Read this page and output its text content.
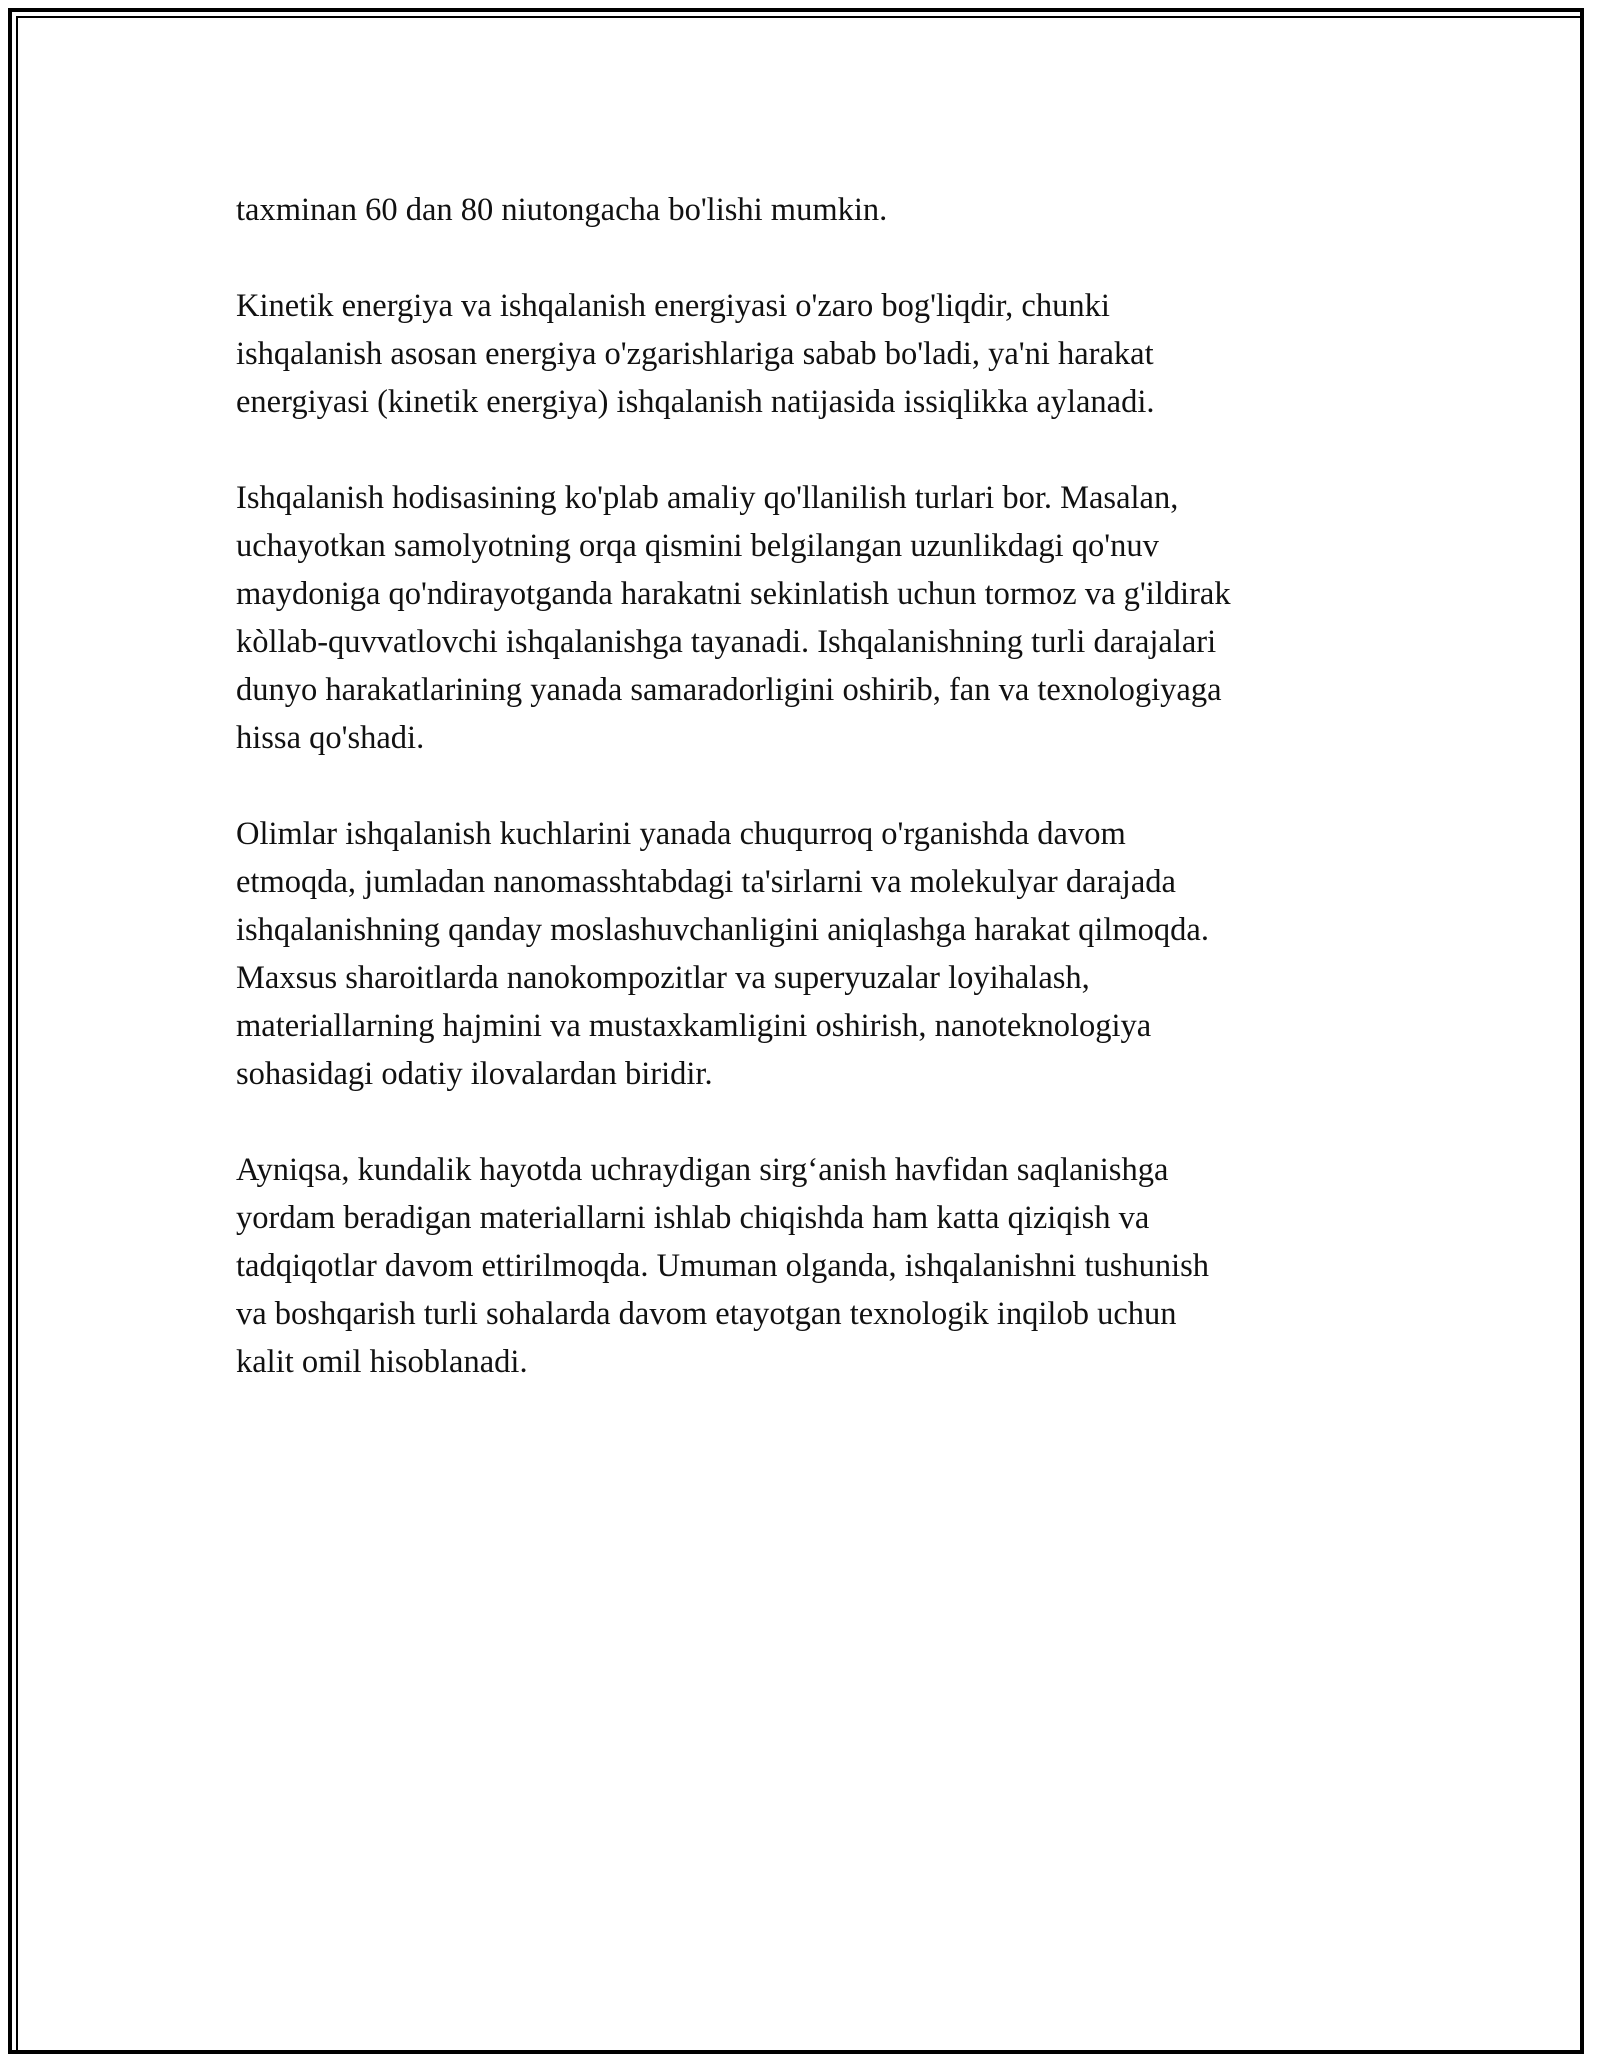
taxminan 60 dan 80 niutongacha bo'lishi mumkin.

Kinetik energiya va ishqalanish energiyasi o'zaro bog'liqdir, chunki
ishqalanish asosan energiya o'zgarishlariga sabab bo'ladi, ya'ni harakat
energiyasi (kinetik energiya) ishqalanish natijasida issiqlikka aylanadi.

Ishqalanish hodisasining ko'plab amaliy qo'llanilish turlari bor. Masalan,
uchayotkan samolyotning orqa qismini belgilangan uzunlikdagi qo'nuv
maydoniga qo'ndirayotganda harakatni sekinlatish uchun tormoz va g'ildirak
kòllab-quvvatlovchi ishqalanishga tayanadi. Ishqalanishning turli darajalari
dunyo harakatlarining yanada samaradorligini oshirib, fan va texnologiyaga
hissa qo'shadi.

Olimlar ishqalanish kuchlarini yanada chuqurroq o'rganishda davom
etmoqda, jumladan nanomasshtabdagi ta'sirlarni va molekulyar darajada
ishqalanishning qanday moslashuvchanligini aniqlashga harakat qilmoqda.
Maxsus sharoitlarda nanokompozitlar va superyuzalar loyihalash,
materiallarning hajmini va mustaxkamligini oshirish, nanoteknologiya
sohasidagi odatiy ilovalardan biridir.

Ayniqsa, kundalik hayotda uchraydigan sirg‘anish havfidan saqlanishga
yordam beradigan materiallarni ishlab chiqishda ham katta qiziqish va
tadqiqotlar davom ettirilmoqda. Umuman olganda, ishqalanishni tushunish
va boshqarish turli sohalarda davom etayotgan texnologik inqilob uchun
kalit omil hisoblanadi.
